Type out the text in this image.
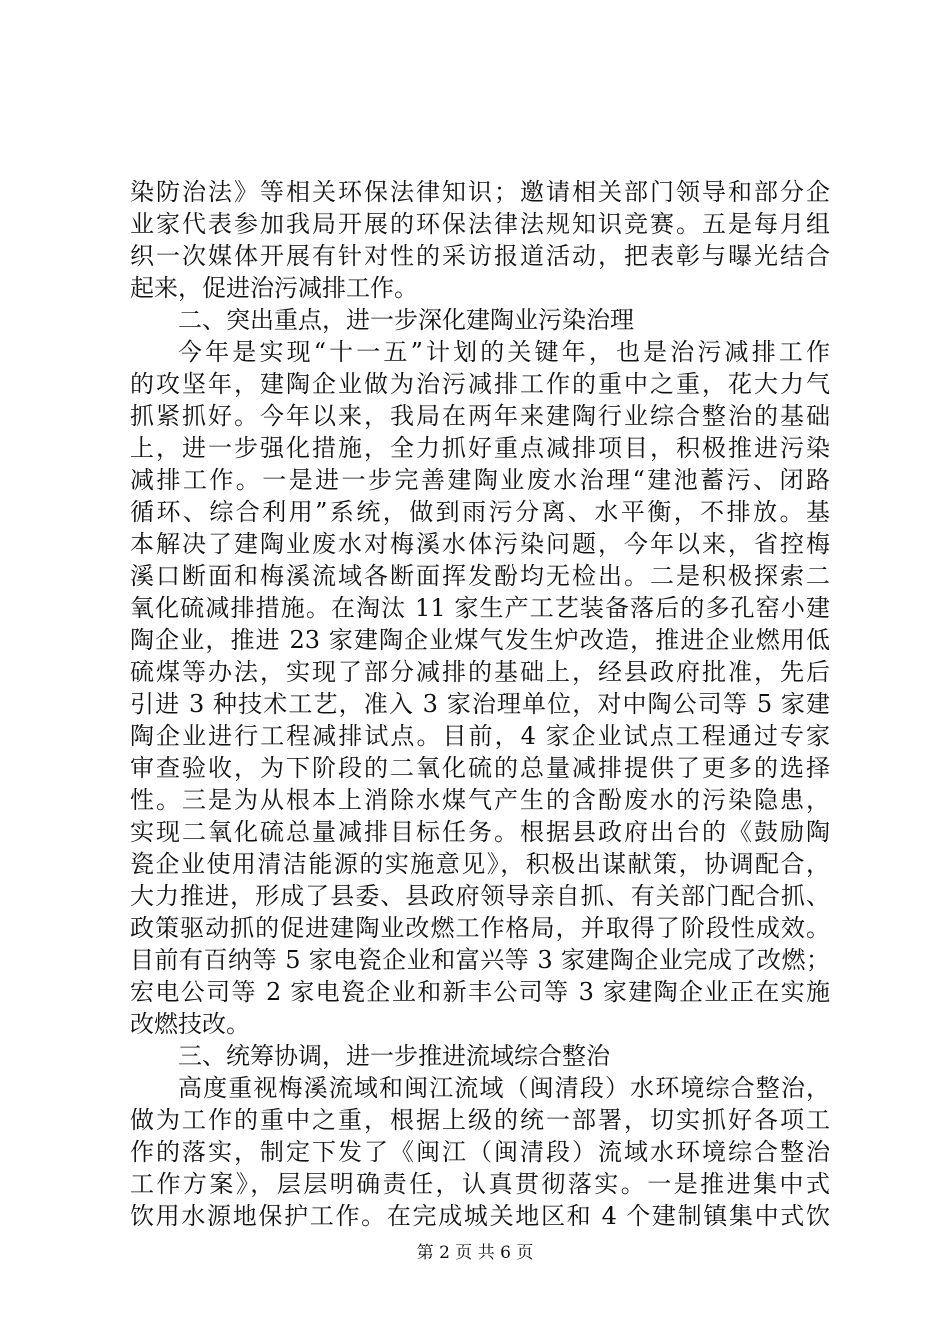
染防治法》等相关环保法律知识；邀请相关部门领导和部分企
业家代表参加我局开展的环保法律法规知识竞赛。五是每月组
织一次媒体开展有针对性的采访报道活动，把表彰与曝光结合
起来，促进治污减排工作。
二、突出重点，进一步深化建陶业污染治理
今年是实现“十一五”计划的关键年，也是治污减排工作
的攻坚年，建陶企业做为治污减排工作的重中之重，花大力气
抓紧抓好。今年以来，我局在两年来建陶行业综合整治的基础
上，进一步强化措施，全力抓好重点减排项目，积极推进污染
减排工作。一是进一步完善建陶业废水治理“建池蓄污、闭路
循环、综合利用”系统，做到雨污分离、水平衡，不排放。基
本解决了建陶业废水对梅溪水体污染问题，今年以来，省控梅
溪口断面和梅溪流域各断面挥发酚均无检出。二是积极探索二
氧化硫减排措施。在淘汰 11 家生产工艺装备落后的多孔窑小建
陶企业，推进 23 家建陶企业煤气发生炉改造，推进企业燃用低
硫煤等办法，实现了部分减排的基础上，经县政府批准，先后
引进 3 种技术工艺，准入 3 家治理单位，对中陶公司等 5 家建
陶企业进行工程减排试点。目前，4 家企业试点工程通过专家
审查验收，为下阶段的二氧化硫的总量减排提供了更多的选择
性。三是为从根本上消除水煤气产生的含酚废水的污染隐患，
实现二氧化硫总量减排目标任务。根据县政府出台的《鼓励陶
瓷企业使用清洁能源的实施意见》，积极出谋献策，协调配合，
大力推进，形成了县委、县政府领导亲自抓、有关部门配合抓、
政策驱动抓的促进建陶业改燃工作格局，并取得了阶段性成效。
目前有百纳等 5 家电瓷企业和富兴等 3 家建陶企业完成了改燃；
宏电公司等 2 家电瓷企业和新丰公司等 3 家建陶企业正在实施
改燃技改。
三、统筹协调，进一步推进流域综合整治
高度重视梅溪流域和闽江流域（闽清段）水环境综合整治，
做为工作的重中之重，根据上级的统一部署，切实抓好各项工
作的落实，制定下发了《闽江（闽清段）流域水环境综合整治
工作方案》，层层明确责任，认真贯彻落实。一是推进集中式
饮用水源地保护工作。在完成城关地区和 4 个建制镇集中式饮
第 2 页 共 6 页
